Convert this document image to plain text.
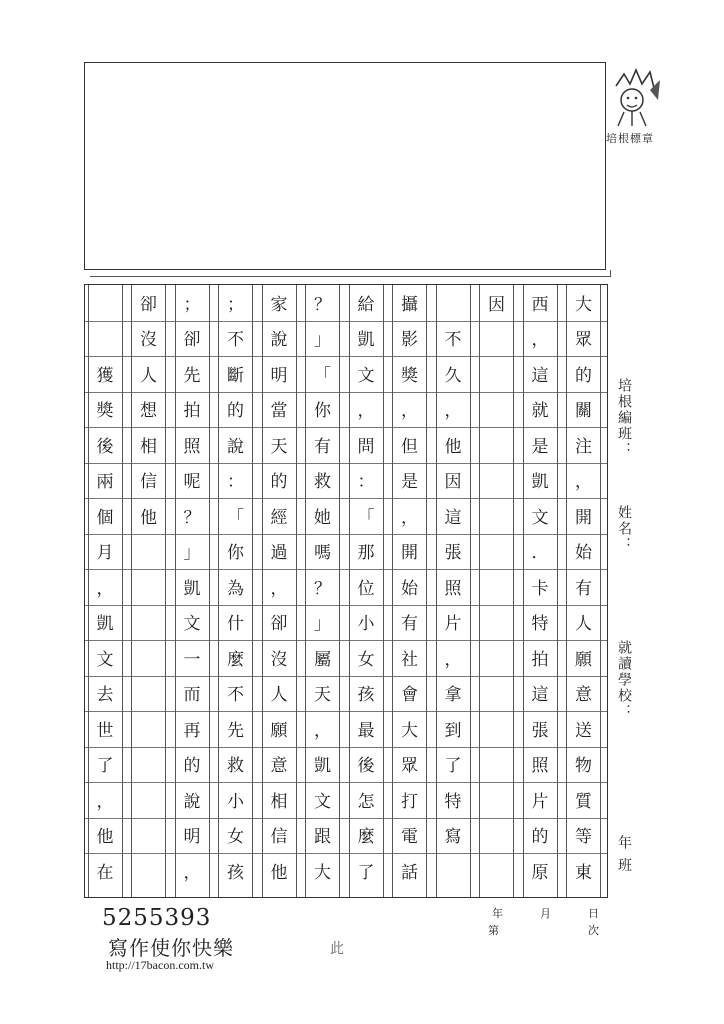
培根標章
大
眾
的
關
注
，
開
始
有
人
願
意
送
物
質
等
東
西
，
這
就
是
凱
文
．
卡
特
拍
這
張
照
片
的
原
因
不
久
，
他
因
這
張
照
片
，
拿
到
了
特
寫
攝
影
獎
，
但
是
，
開
始
有
社
會
大
眾
打
電
話
給
凱
文
，
問
：
「
那
位
小
女
孩
最
後
怎
麼
了
？
」
「
你
有
救
她
嗎
？
」
屬
天
，
凱
文
跟
大
家
說
明
當
天
的
經
過
，
卻
沒
人
願
意
相
信
他
；
不
斷
的
說
：
「
你
為
什
麼
不
先
救
小
女
孩
；
卻
先
拍
照
呢
？
」
凱
文
一
而
再
的
說
明
，
卻
沒
人
想
相
信
他
獲
獎
後
兩
個
月
，
凱
文
去
世
了
，
他
在
培根編班：
姓名：
就讀學校：
年 班
5255393
寫作使你快樂
http://17bacon.com.tw
年	月	日
第	次
此
